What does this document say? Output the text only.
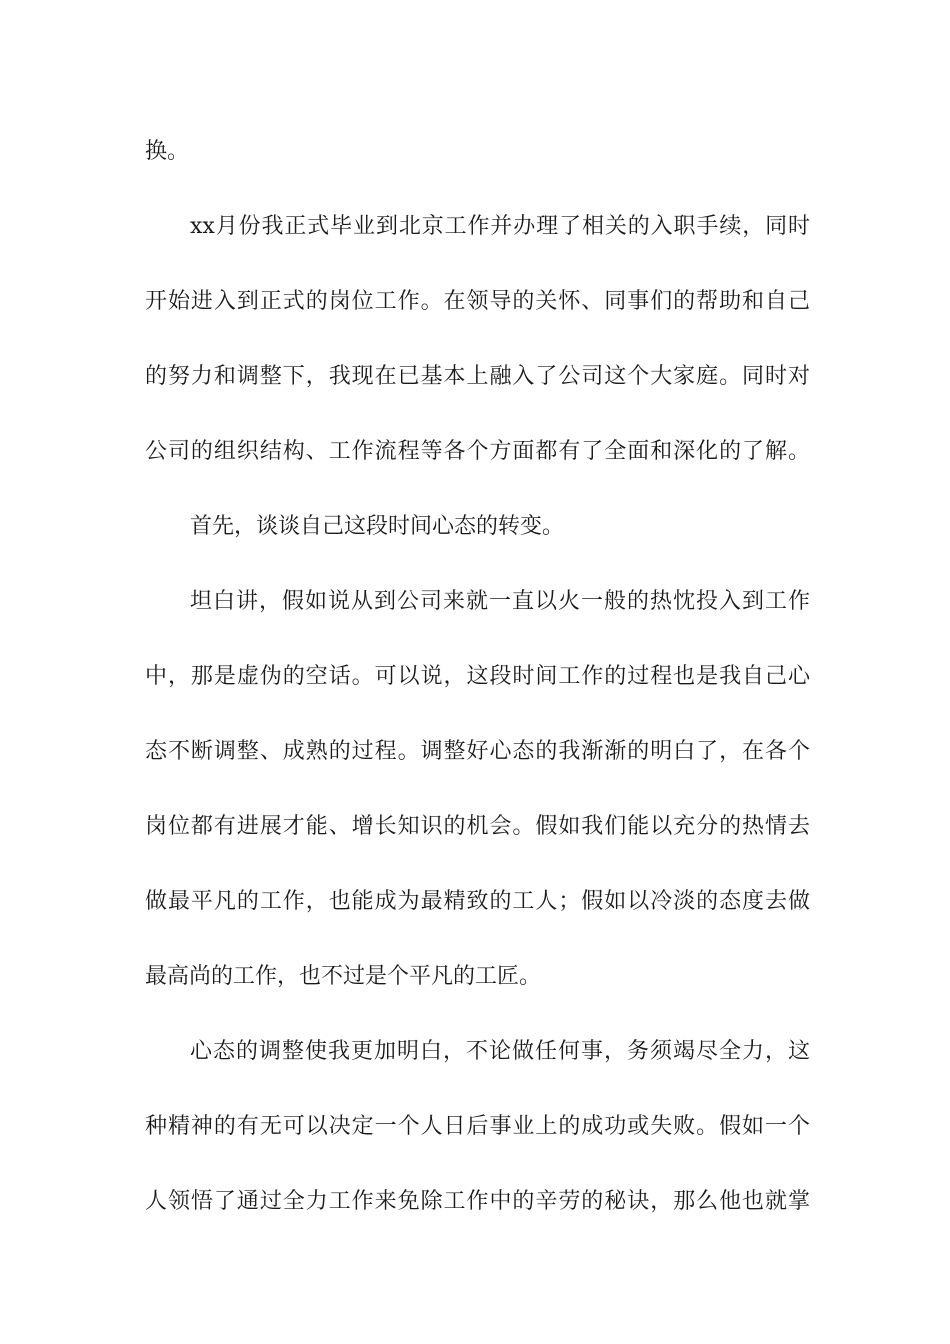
换。

xx月份我正式毕业到北京工作并办理了相关的入职手续，同时

开始进入到正式的岗位工作。在领导的关怀、同事们的帮助和自己

的努力和调整下，我现在已基本上融入了公司这个大家庭。同时对

公司的组织结构、工作流程等各个方面都有了全面和深化的了解。

首先，谈谈自己这段时间心态的转变。

坦白讲，假如说从到公司来就一直以火一般的热忱投入到工作

中，那是虚伪的空话。可以说，这段时间工作的过程也是我自己心

态不断调整、成熟的过程。调整好心态的我渐渐的明白了，在各个

岗位都有进展才能、增长知识的机会。假如我们能以充分的热情去

做最平凡的工作，也能成为最精致的工人；假如以冷淡的态度去做

最高尚的工作，也不过是个平凡的工匠。

心态的调整使我更加明白，不论做任何事，务须竭尽全力，这

种精神的有无可以决定一个人日后事业上的成功或失败。假如一个

人领悟了通过全力工作来免除工作中的辛劳的秘诀，那么他也就掌
